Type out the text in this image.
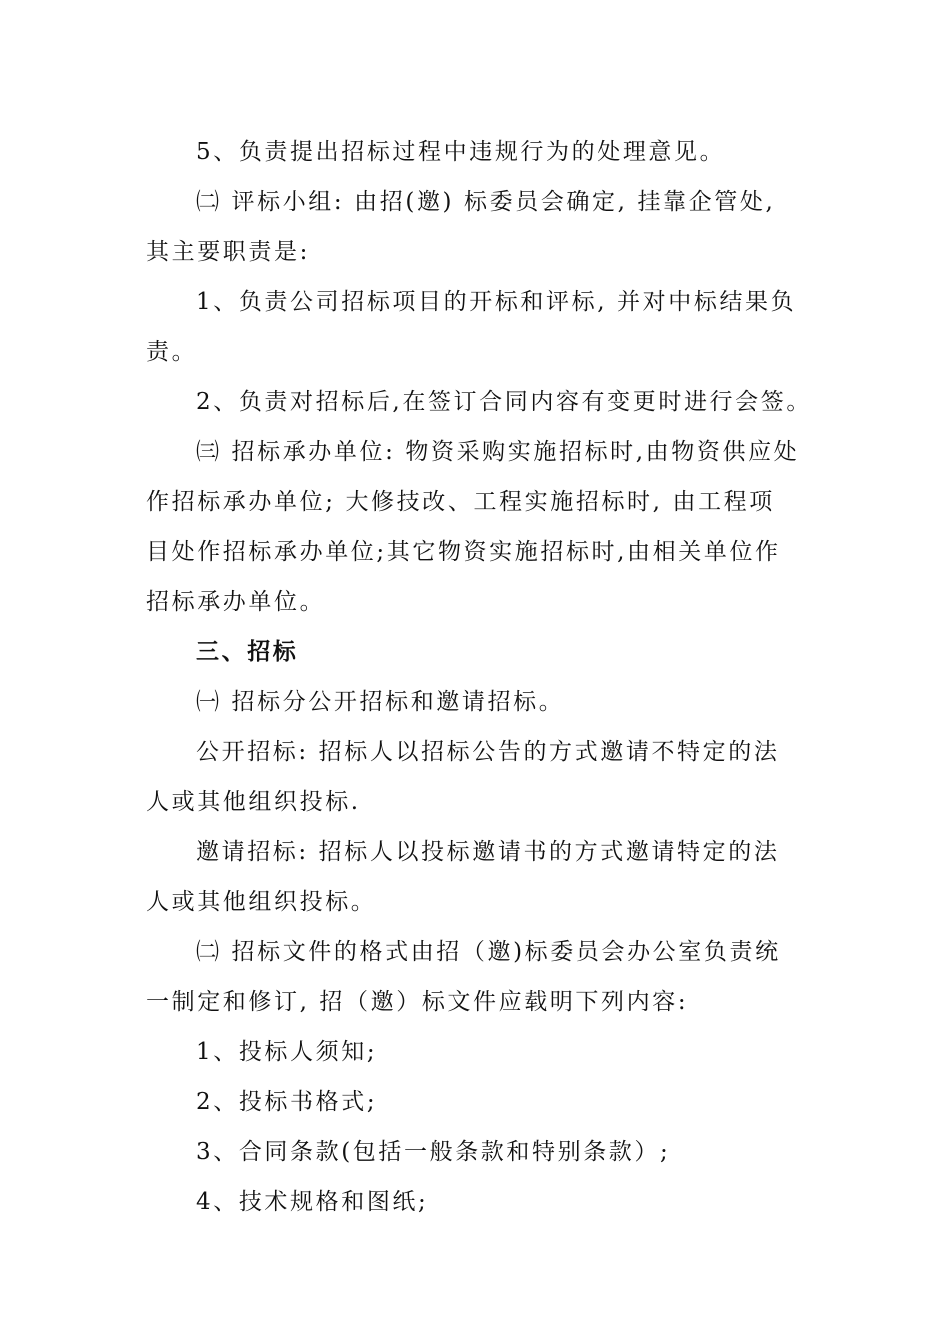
5、负责提出招标过程中违规行为的处理意见。
㈡ 评标小组: 由招(邀) 标委员会确定, 挂靠企管处,
其主要职责是:
1、负责公司招标项目的开标和评标, 并对中标结果负
责。
2、负责对招标后,在签订合同内容有变更时进行会签。
㈢ 招标承办单位: 物资采购实施招标时,由物资供应处
作招标承办单位; 大修技改、工程实施招标时, 由工程项
目处作招标承办单位;其它物资实施招标时,由相关单位作
招标承办单位。
三、招标
㈠ 招标分公开招标和邀请招标。
公开招标: 招标人以招标公告的方式邀请不特定的法
人或其他组织投标.
邀请招标: 招标人以投标邀请书的方式邀请特定的法
人或其他组织投标。
㈡ 招标文件的格式由招（邀)标委员会办公室负责统
一制定和修订, 招（邀）标文件应载明下列内容:
1、投标人须知;
2、投标书格式;
3、合同条款(包括一般条款和特别条款）;
4、技术规格和图纸;
